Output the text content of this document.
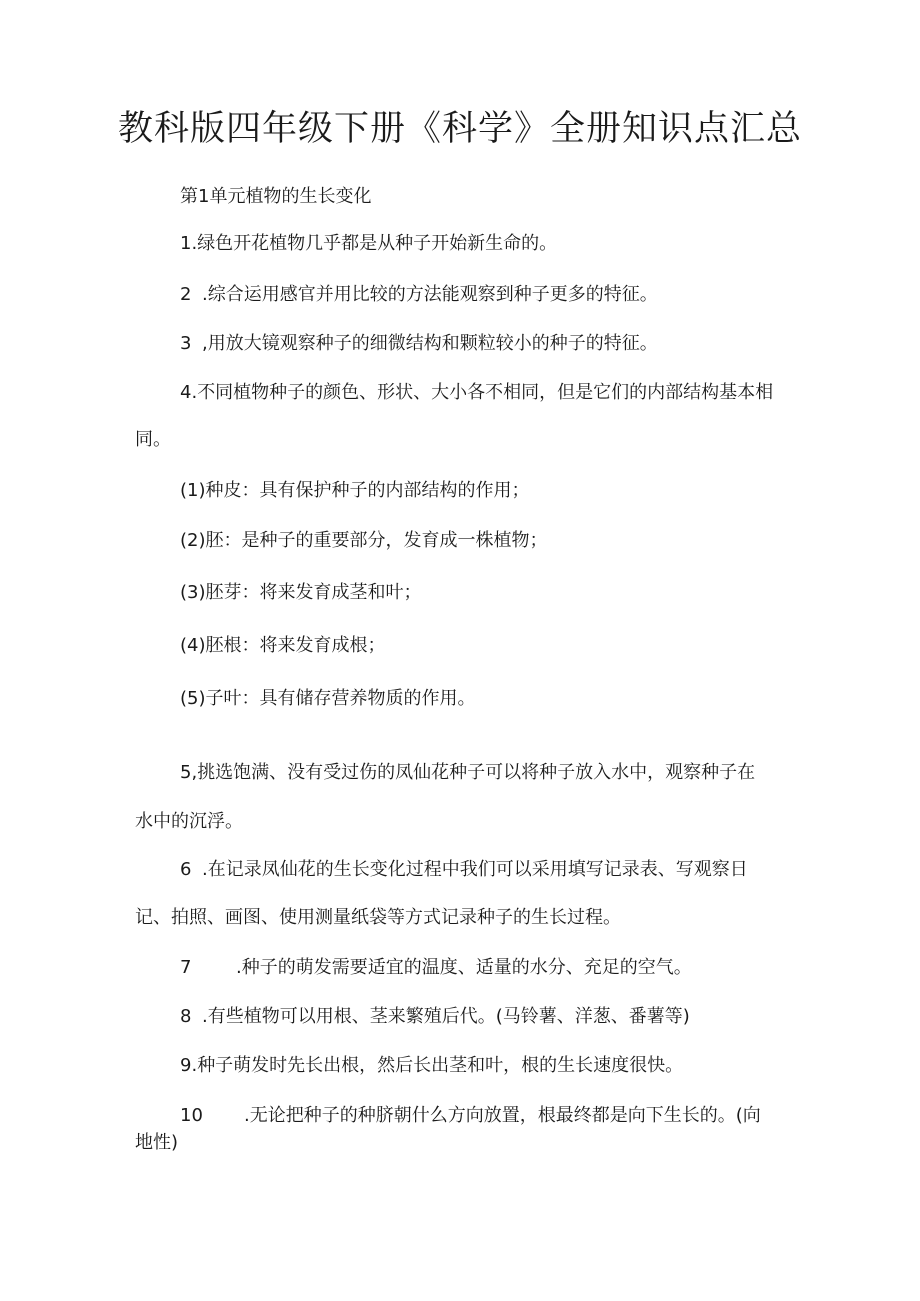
教科版四年级下册《科学》全册知识点汇总
第1单元植物的生长变化
1.绿色开花植物几乎都是从种子开始新生命的。
2 .综合运用感官并用比较的方法能观察到种子更多的特征。
3 ,用放大镜观察种子的细微结构和颗粒较小的种子的特征。
4.不同植物种子的颜色、形状、大小各不相同，但是它们的内部结构基本相
同。
(1)种皮：具有保护种子的内部结构的作用；
(2)胚：是种子的重要部分，发育成一株植物；
(3)胚芽：将来发育成茎和叶；
(4)胚根：将来发育成根；
(5)子叶：具有储存营养物质的作用。
5,挑选饱满、没有受过伤的凤仙花种子可以将种子放入水中，观察种子在
水中的沉浮。
6 .在记录凤仙花的生长变化过程中我们可以采用填写记录表、写观察日
记、拍照、画图、使用测量纸袋等方式记录种子的生长过程。
7 .种子的萌发需要适宜的温度、适量的水分、充足的空气。
8 .有些植物可以用根、茎来繁殖后代。(马铃薯、洋葱、番薯等)
9.种子萌发时先长出根，然后长出茎和叶，根的生长速度很快。
10 .无论把种子的种脐朝什么方向放置，根最终都是向下生长的。(向
地性)
